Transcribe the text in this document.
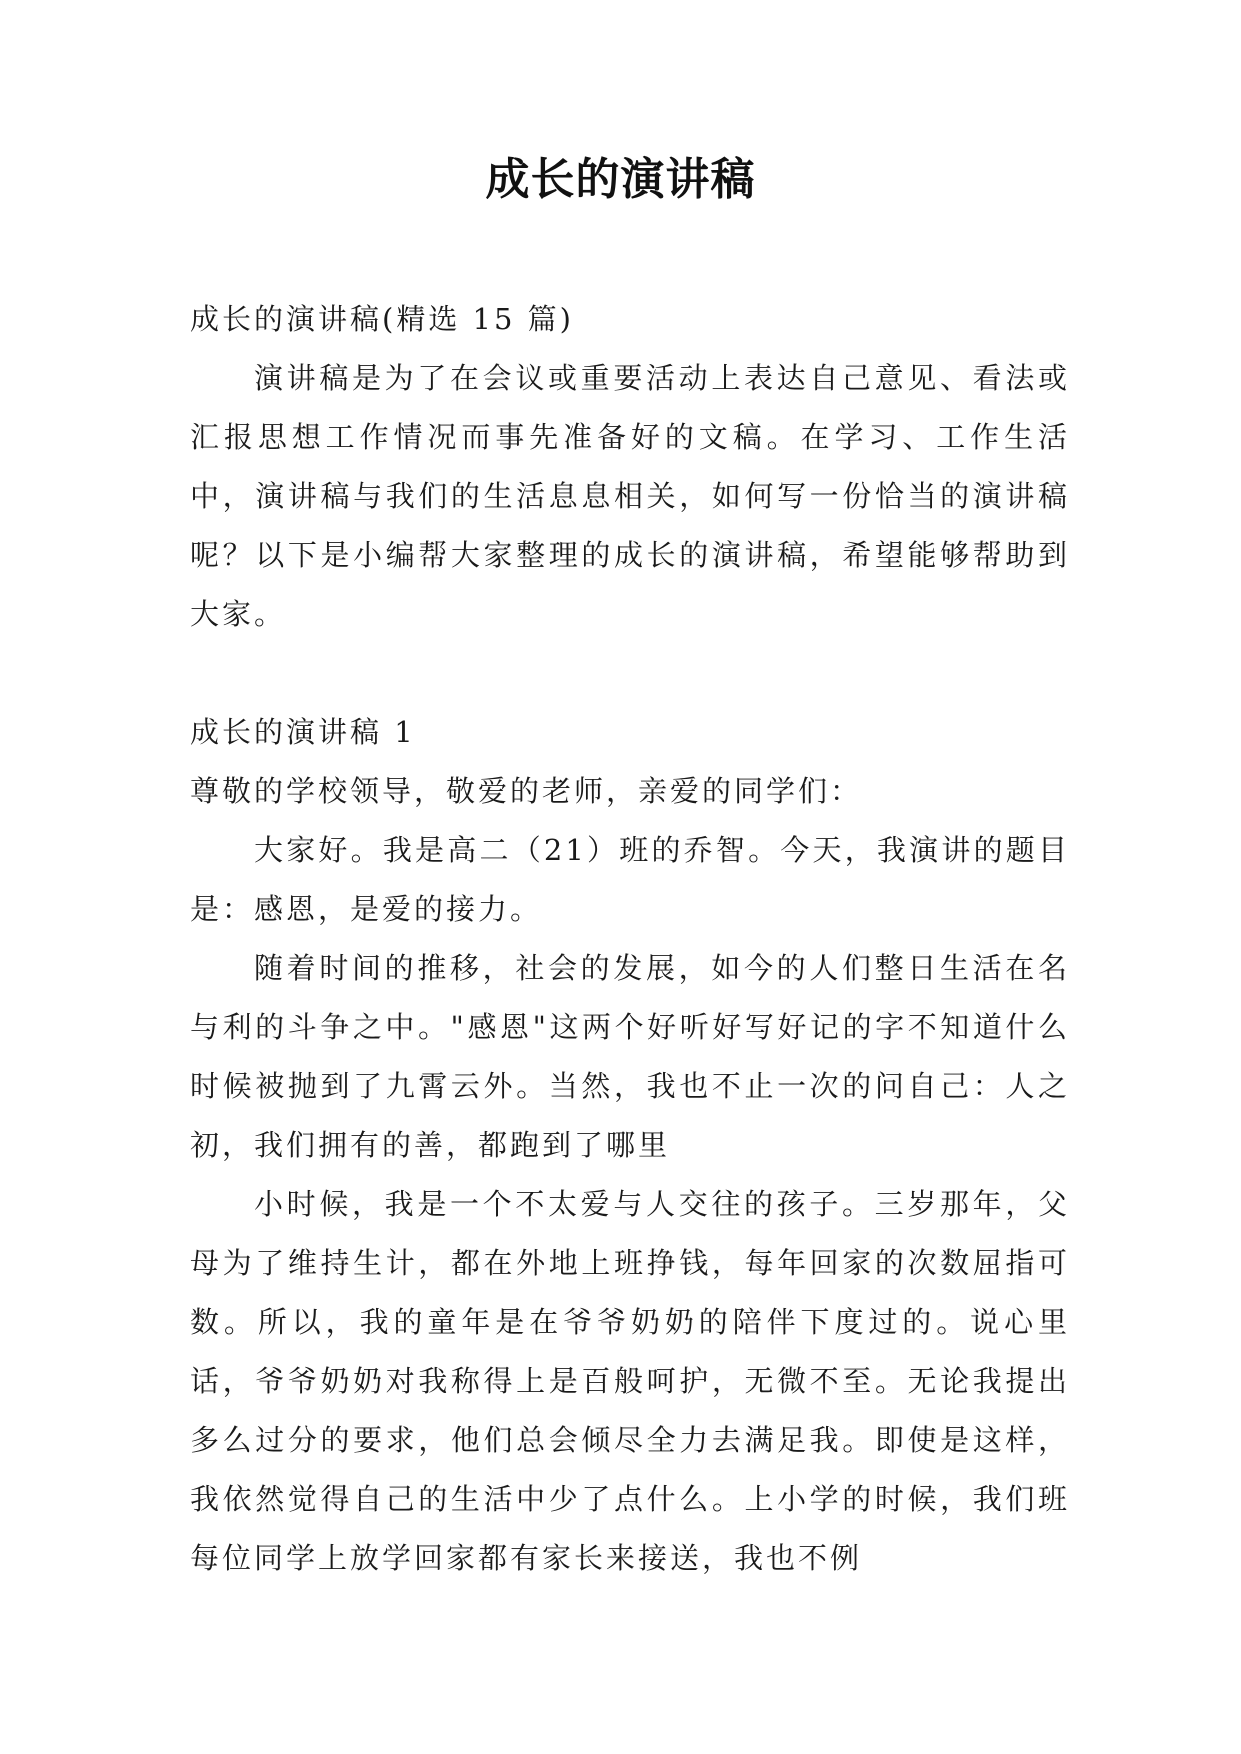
成长的演讲稿

成长的演讲稿(精选 15 篇)

演讲稿是为了在会议或重要活动上表达自己意见、看法或汇报思想工作情况而事先准备好的文稿。在学习、工作生活中，演讲稿与我们的生活息息相关，如何写一份恰当的演讲稿呢？以下是小编帮大家整理的成长的演讲稿，希望能够帮助到大家。

成长的演讲稿 1

尊敬的学校领导，敬爱的老师，亲爱的同学们：

大家好。我是高二（21）班的乔智。今天，我演讲的题目是：感恩，是爱的接力。

随着时间的推移，社会的发展，如今的人们整日生活在名与利的斗争之中。"感恩"这两个好听好写好记的字不知道什么时候被抛到了九霄云外。当然，我也不止一次的问自己：人之初，我们拥有的善，都跑到了哪里

小时候，我是一个不太爱与人交往的孩子。三岁那年，父母为了维持生计，都在外地上班挣钱，每年回家的次数屈指可数。所以，我的童年是在爷爷奶奶的陪伴下度过的。说心里话，爷爷奶奶对我称得上是百般呵护，无微不至。无论我提出多么过分的要求，他们总会倾尽全力去满足我。即使是这样，我依然觉得自己的生活中少了点什么。上小学的时候，我们班每位同学上放学回家都有家长来接送，我也不例
